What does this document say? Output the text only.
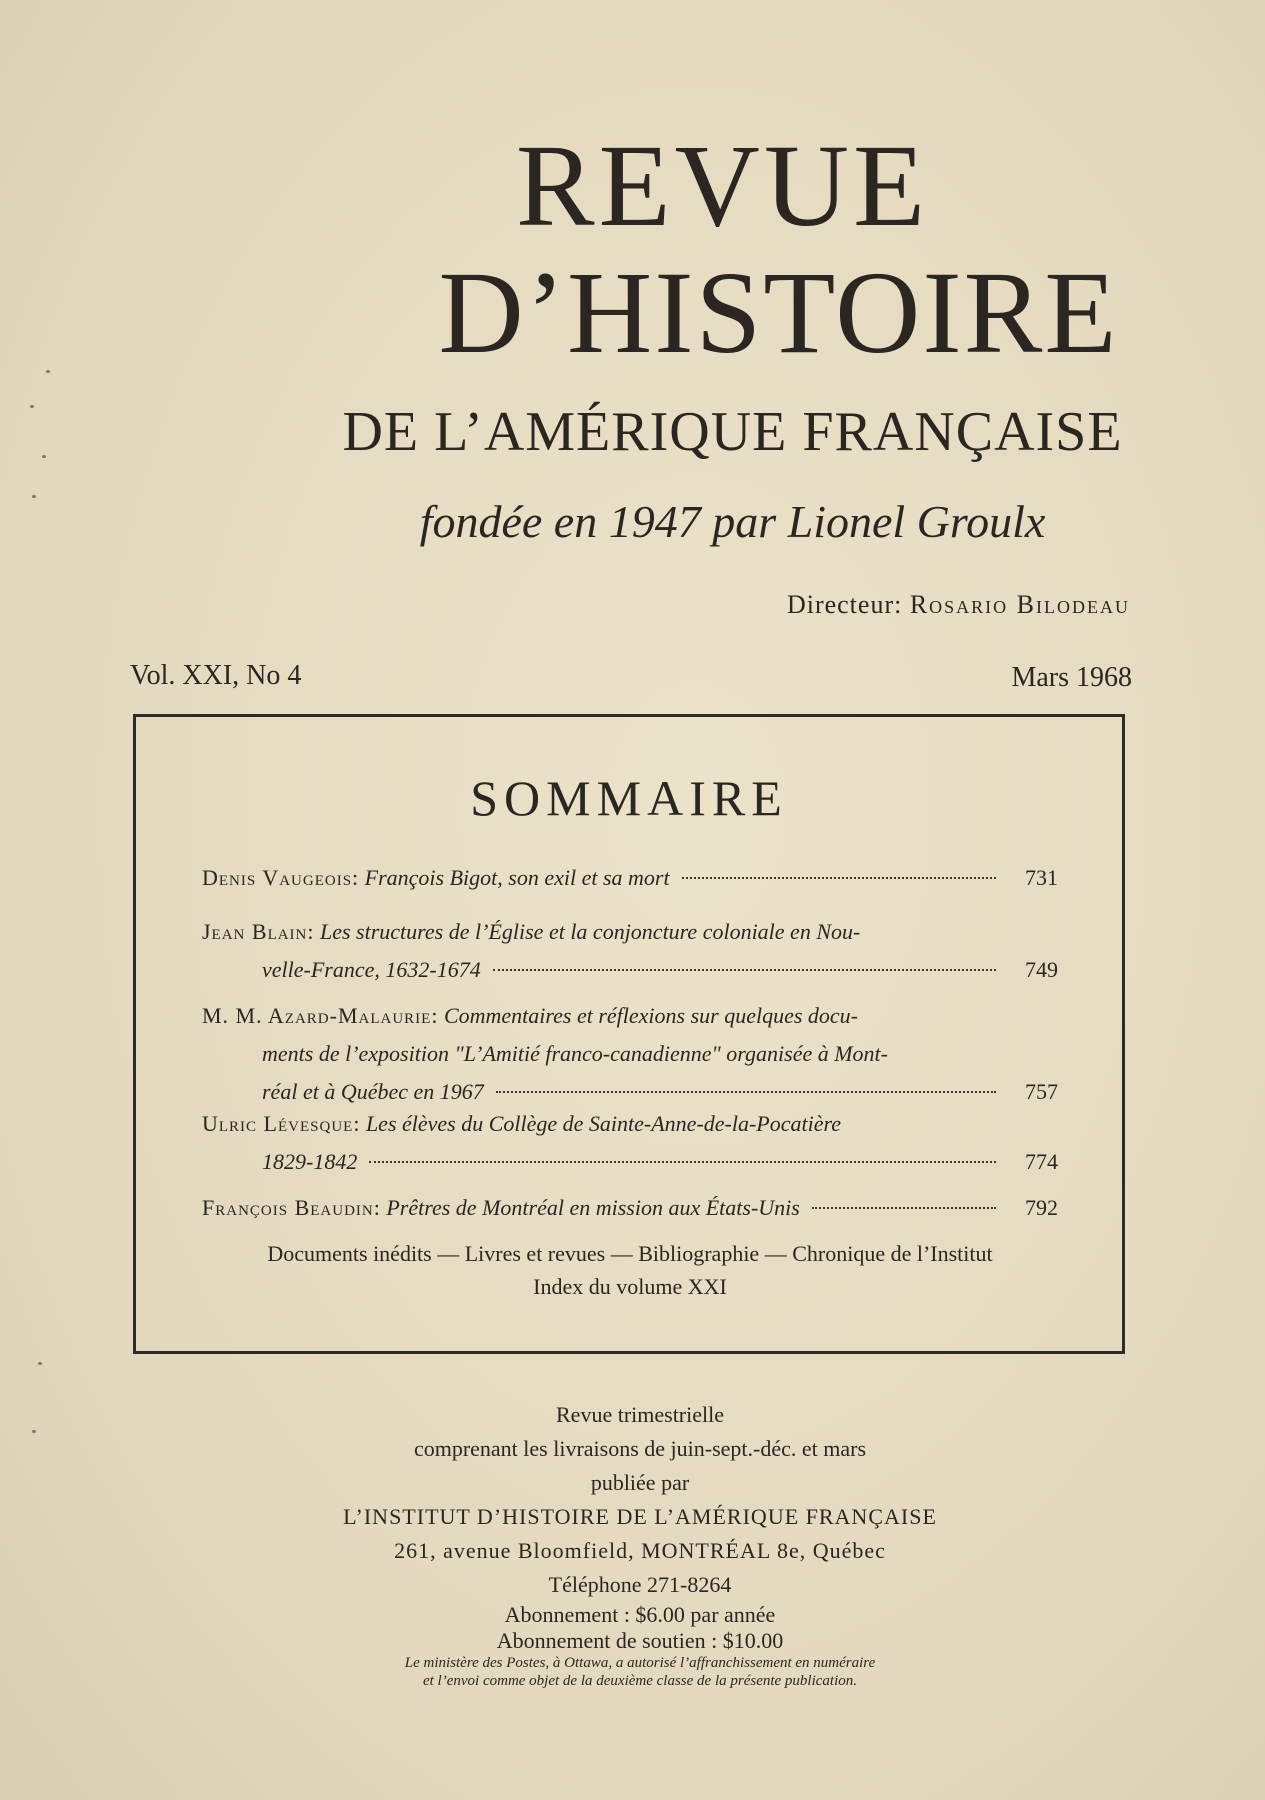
REVUE
D’HISTOIRE
DE L’AMÉRIQUE FRANÇAISE
fondée en 1947 par Lionel Groulx
Directeur: Rosario Bilodeau
Vol. XXI, No 4	Mars 1968
SOMMAIRE
Denis Vaugeois:
François Bigot, son exil et sa mort	731
Jean Blain: Les structures de l’Église et la conjoncture coloniale en Nou-
velle-France, 1632-1674	749
M. M. Azard-Malaurie: Commentaires et réflexions sur quelques docu-
ments de l’exposition "L’Amitié franco-canadienne" organisée à Mont-
réal et à Québec en 1967	757
Ulric Lévesque: Les élèves du Collège de Sainte-Anne-de-la-Pocatière
1829-1842	774
François Beaudin:
Prêtres de Montréal en mission aux États-Unis	792
Documents inédits — Livres et revues — Bibliographie — Chronique de l’Institut
Index du volume XXI

Revue trimestrielle

comprenant les livraisons de juin-sept.-déc. et mars

publiée par

L’INSTITUT D’HISTOIRE DE L’AMÉRIQUE FRANÇAISE

261, avenue Bloomfield, MONTRÉAL 8e, Québec

Téléphone 271-8264

Abonnement : $6.00 par année

Abonnement de soutien : $10.00

Le ministère des Postes, à Ottawa, a autorisé l’affranchissement en numéraire

et l’envoi comme objet de la deuxième classe de la présente publication.
